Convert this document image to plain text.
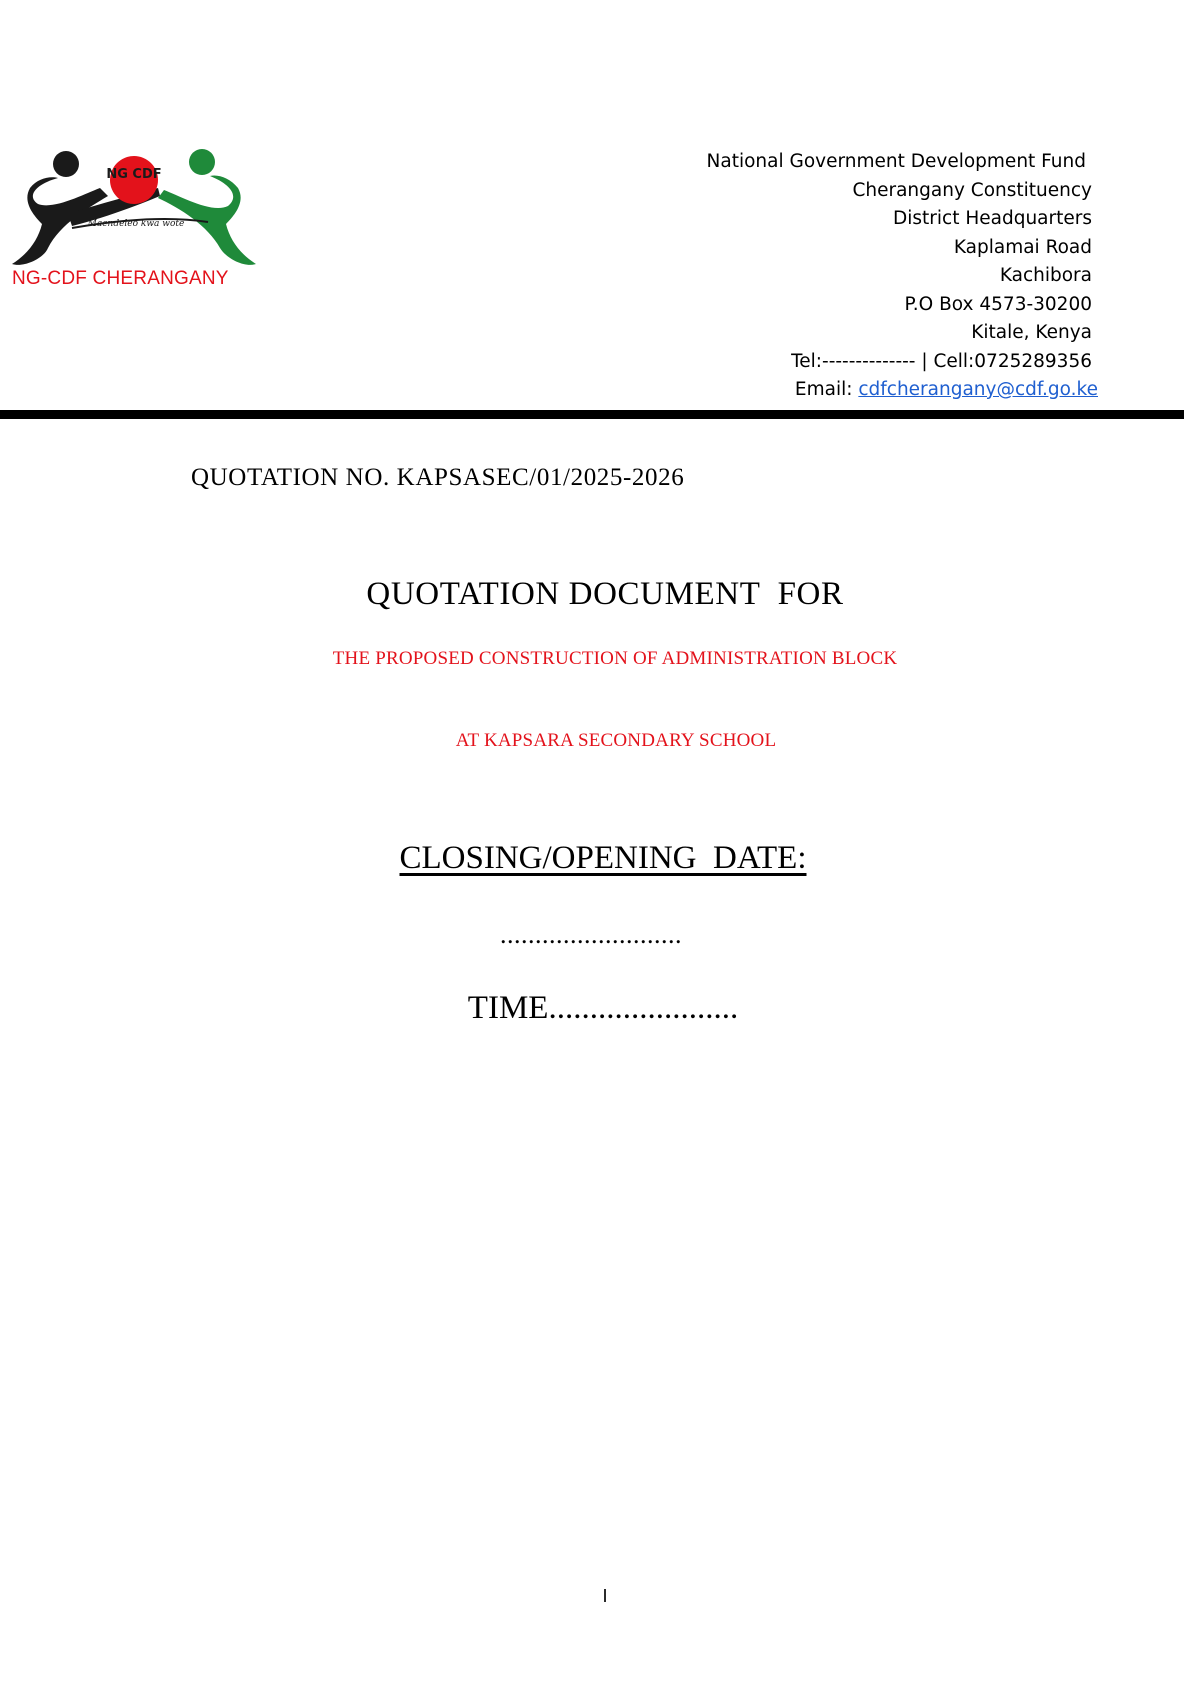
NG CDF
Maendeleo kwa wote
NG-CDF CHERANGANY
National Government Development Fund
Cherangany Constituency
District Headquarters
Kaplamai Road
Kachibora
P.O Box 4573-30200
Kitale, Kenya
Tel:-------------- | Cell:0725289356
Email: cdfcherangany@cdf.go.ke
QUOTATION NO. KAPSASEC/01/2025-2026
QUOTATION DOCUMENT  FOR
THE PROPOSED CONSTRUCTION OF ADMINISTRATION BLOCK
AT KAPSARA SECONDARY SCHOOL
CLOSING/OPENING  DATE:
..........................
TIME.......................
I
